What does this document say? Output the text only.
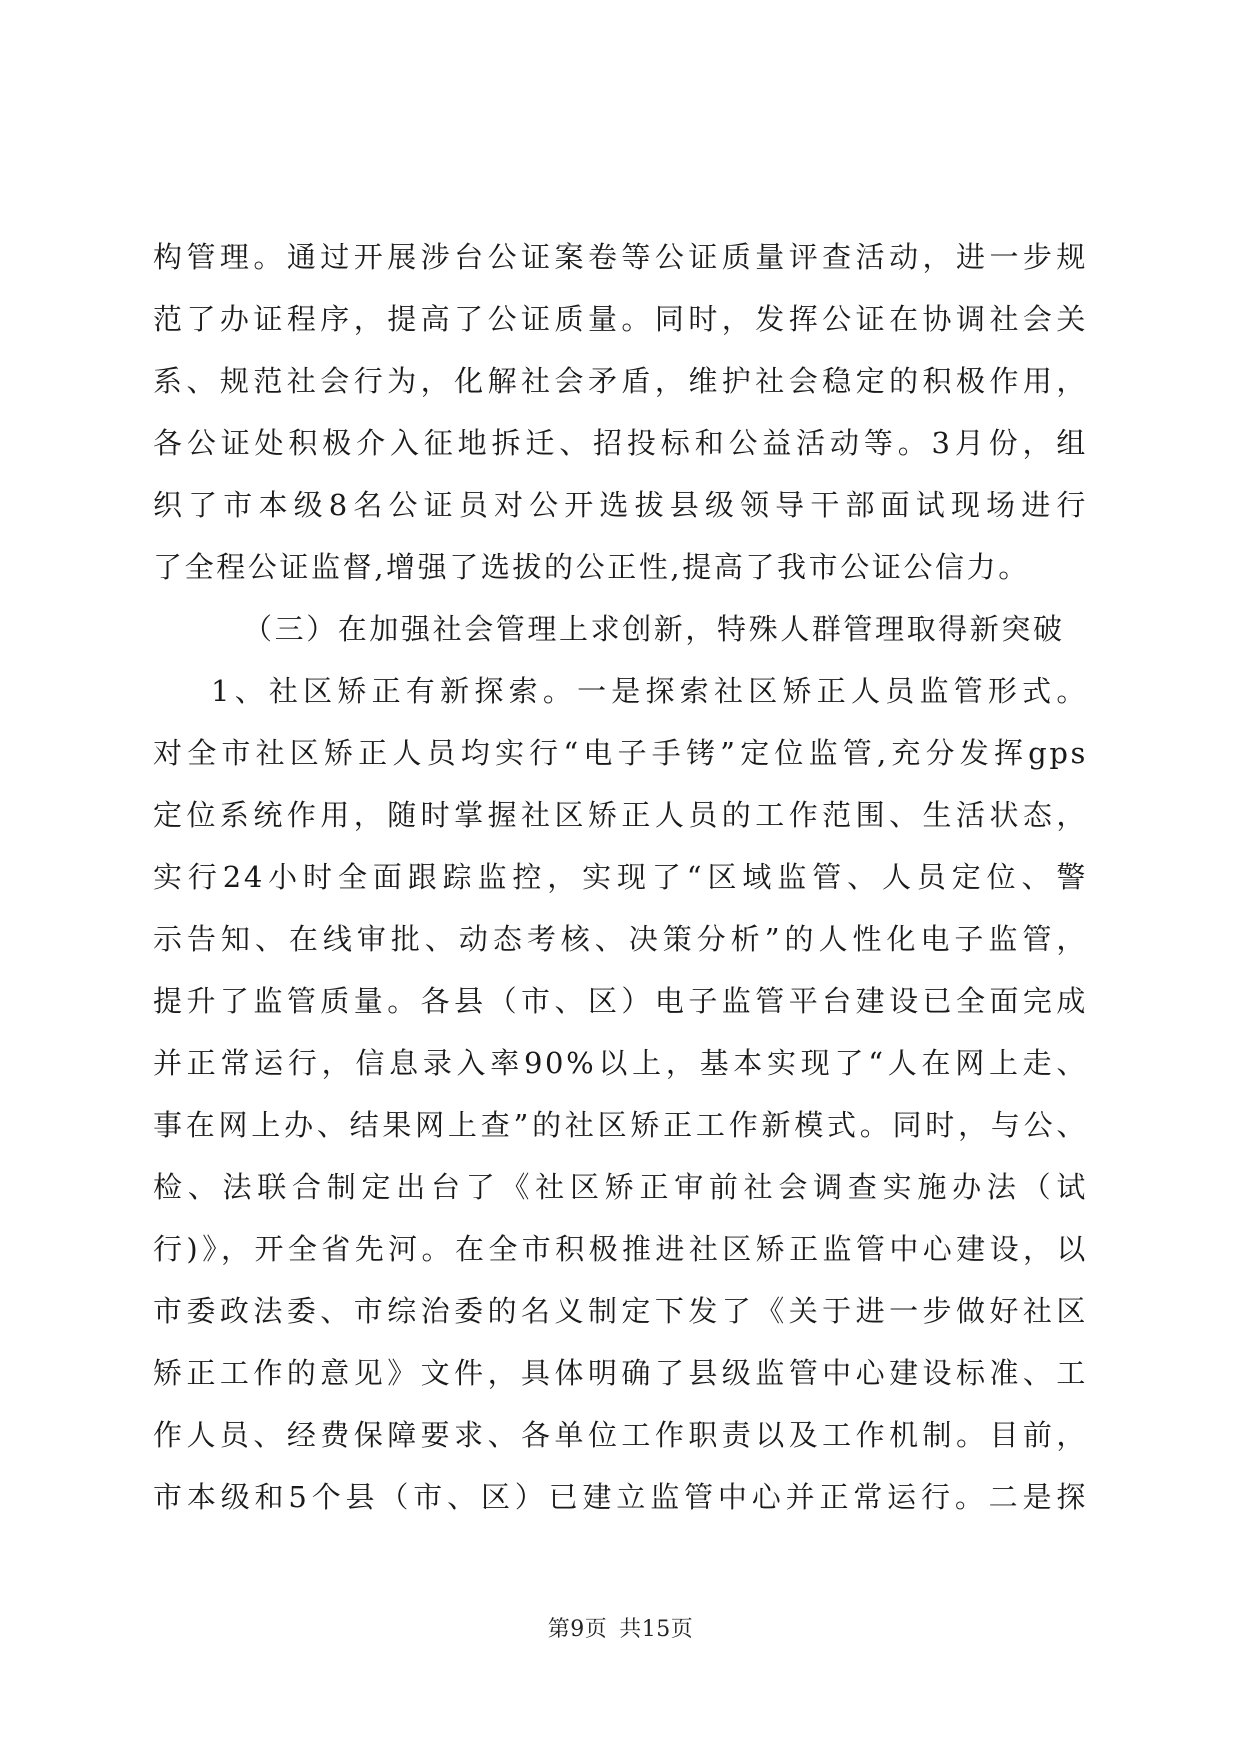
构管理。通过开展涉台公证案卷等公证质量评查活动，进一步规
范了办证程序，提高了公证质量。同时，发挥公证在协调社会关
系、规范社会行为，化解社会矛盾，维护社会稳定的积极作用，
各公证处积极介入征地拆迁、招投标和公益活动等。3月份，组
织了市本级8名公证员对公开选拔县级领导干部面试现场进行
了全程公证监督,增强了选拔的公正性,提高了我市公证公信力。
（三）在加强社会管理上求创新，特殊人群管理取得新突破
1、社区矫正有新探索。一是探索社区矫正人员监管形式。
对全市社区矫正人员均实行“电子手铐”定位监管,充分发挥gps
定位系统作用，随时掌握社区矫正人员的工作范围、生活状态，
实行24小时全面跟踪监控，实现了“区域监管、人员定位、警
示告知、在线审批、动态考核、决策分析”的人性化电子监管，
提升了监管质量。各县（市、区）电子监管平台建设已全面完成
并正常运行，信息录入率90%以上，基本实现了“人在网上走、
事在网上办、结果网上查”的社区矫正工作新模式。同时，与公、
检、法联合制定出台了《社区矫正审前社会调查实施办法（试
行)》，开全省先河。在全市积极推进社区矫正监管中心建设，以
市委政法委、市综治委的名义制定下发了《关于进一步做好社区
矫正工作的意见》文件，具体明确了县级监管中心建设标准、工
作人员、经费保障要求、各单位工作职责以及工作机制。目前，
市本级和5个县（市、区）已建立监管中心并正常运行。二是探
第9页 共15页
